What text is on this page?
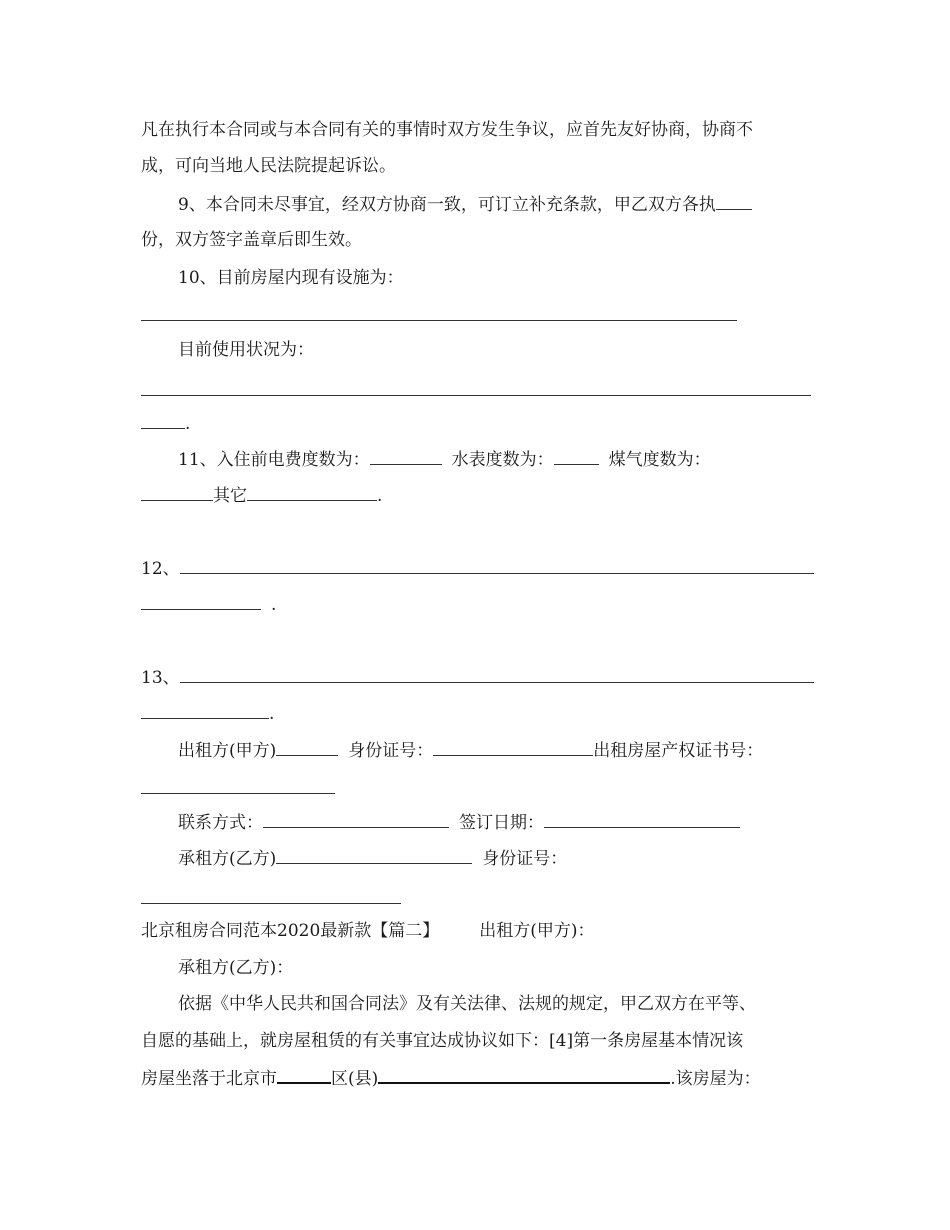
凡在执行本合同或与本合同有关的事情时双方发生争议，应首先友好协商，协商不
成，可向当地人民法院提起诉讼。
9、本合同未尽事宜，经双方协商一致，可订立补充条款，甲乙双方各执
份，双方签字盖章后即生效。
10、目前房屋内现有设施为：
目前使用状况为：
.
11、入住前电费度数为：	水表度数为：	煤气度数为：
其它	.
12、
.
13、
.
出租方(甲方)	身份证号：	出租房屋产权证书号：
联系方式：	签订日期：
承租方(乙方)	身份证号：
北京租房合同范本2020最新款【篇二】 出租方(甲方)：
承租方(乙方)：
依据《中华人民共和国合同法》及有关法律、法规的规定，甲乙双方在平等、
自愿的基础上，就房屋租赁的有关事宜达成协议如下：[4]第一条房屋基本情况该
房屋坐落于北京市	区(县)	.该房屋为：
